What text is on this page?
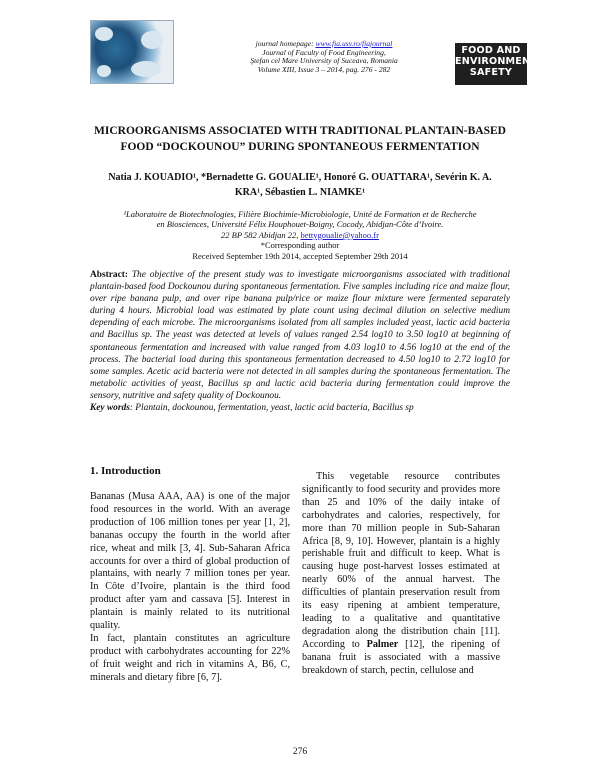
journal homepage: www.fia.usv.ro/fiajournal
Journal of Faculty of Food Engineering,
Ştefan cel Mare University of Suceava, Romania
Volume XIII, Issue 3 – 2014, pag. 276 - 282
FOOD AND
ENVIRONMENT
SAFETY
MICROORGANISMS ASSOCIATED WITH TRADITIONAL PLANTAIN-BASED
FOOD “DOCKOUNOU” DURING SPONTANEOUS FERMENTATION
Natia J. KOUADIO¹, *Bernadette G. GOUALIE¹, Honoré G. OUATTARA¹, Sevérin K. A.
KRA¹, Sébastien L. NIAMKE¹
¹Laboratoire de Biotechnologies, Filière Biochimie-Microbiologie, Unité de Formation et de Recherche
en Biosciences, Université Félix Houphouet-Boigny, Cocody, Abidjan-Côte d’Ivoire.
22 BP 582 Abidjan 22, bettygoualie@yahoo.fr
*Corresponding author
Received September 19th 2014, accepted September 29th 2014
Abstract: The objective of the present study was to investigate microorganisms associated with traditional plantain-based food Dockounou during spontaneous fermentation. Five samples including rice and maize flour, over ripe banana pulp, and over ripe banana pulp/rice or maize flour mixture were fermented separately during 4 hours. Microbial load was estimated by plate count using decimal dilution on selective medium depending of each microbe. The microorganisms isolated from all samples included yeast, lactic acid bacteria and Bacillus sp. The yeast was detected at levels of values ranged 2.54 log10 to 3.50 log10 at beginning of spontaneous fermentation and increased with value ranged from 4.03 log10 to 4.56 log10 at the end of the process. The bacterial load during this spontaneous fermentation decreased to 4.50 log10 to 2.72 log10 for some samples. Acetic acid bacteria were not detected in all samples during the spontaneous fermentation. The metabolic activities of yeast, Bacillus sp and lactic acid bacteria during fermentation could improve the sensory, nutritive and safety quality of Dockounou.
Key words: Plantain, dockounou, fermentation, yeast, lactic acid bacteria, Bacillus sp
1. Introduction

Bananas (Musa AAA, AA) is one of the major food resources in the world. With an average production of 106 million tones per year [1, 2], bananas occupy the fourth in the world after rice, wheat and milk [3, 4]. Sub-Saharan Africa accounts for over a third of global production of plantains, with nearly 7 million tones per year. In Côte d’Ivoire, plantain is the third food product after yam and cassava [5]. Interest in plantain is mainly related to its nutritional quality.

In fact, plantain constitutes an agriculture product with carbohydrates accounting for 22% of fruit weight and rich in vitamins A, B6, C, minerals and dietary fibre [6, 7].

This vegetable resource contributes significantly to food security and provides more than 25 and 10% of the daily intake of carbohydrates and calories, respectively, for more than 70 million people in Sub-Saharan Africa [8, 9, 10]. However, plantain is a highly perishable fruit and difficult to keep. What is causing huge post-harvest losses estimated at nearly 60% of the annual harvest. The difficulties of plantain preservation result from its easy ripening at ambient temperature, leading to a qualitative and quantitative degradation along the distribution chain [11]. According to Palmer [12], the ripening of banana fruit is associated with a massive breakdown of starch, pectin, cellulose and

276
